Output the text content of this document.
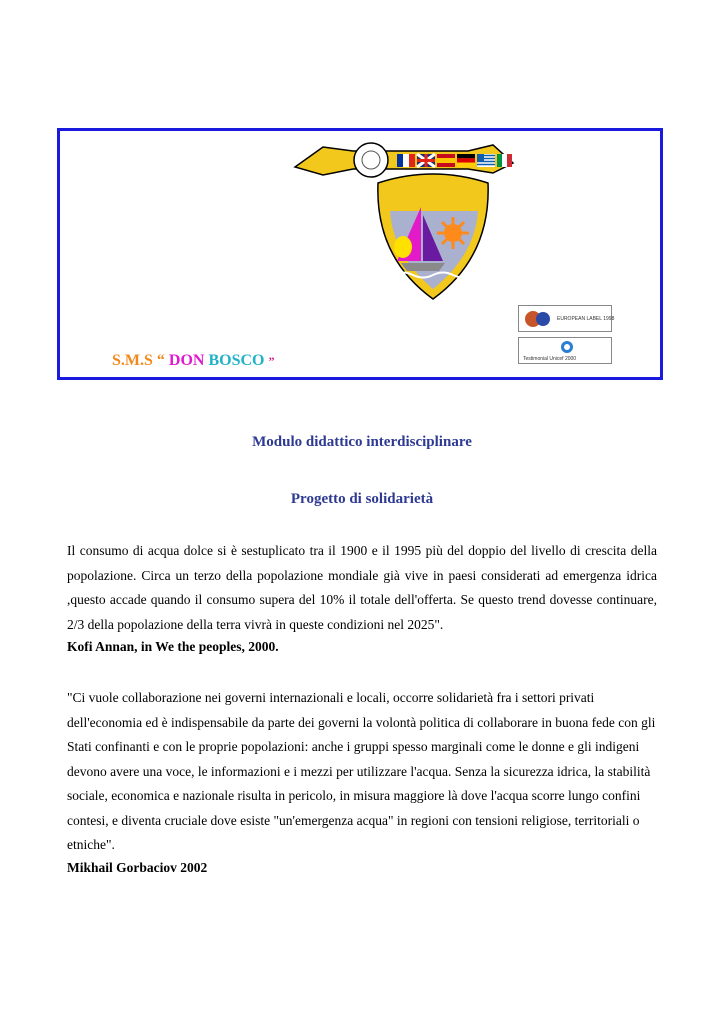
EUROPEAN LABEL 1998
Testimonial Unicef 2000
S.M.S “ DON BOSCO ”
Modulo didattico interdisciplinare
Progetto di solidarietà
Il consumo di acqua dolce si è sestuplicato tra il 1900 e il 1995 più del doppio del livello di crescita della popolazione. Circa un terzo della popolazione mondiale già vive in paesi considerati ad emergenza idrica ,questo accade quando il consumo supera del 10% il totale dell'offerta. Se questo trend dovesse continuare, 2/3 della popolazione della terra vivrà in queste condizioni nel 2025".
Kofi Annan, in We the peoples, 2000.
"Ci vuole collaborazione nei governi internazionali e locali, occorre solidarietà fra i settori privati dell'economia ed è indispensabile da parte dei governi la volontà politica di collaborare in buona fede con gli Stati confinanti e con le proprie popolazioni: anche i gruppi spesso marginali come le donne e gli indigeni devono avere una voce, le informazioni e i mezzi per utilizzare l'acqua. Senza la sicurezza idrica, la stabilità sociale, economica e nazionale risulta in pericolo, in misura maggiore là dove l'acqua scorre lungo confini contesi, e diventa cruciale dove esiste "un'emergenza acqua" in regioni con tensioni religiose, territoriali o etniche".
Mikhail Gorbaciov 2002
